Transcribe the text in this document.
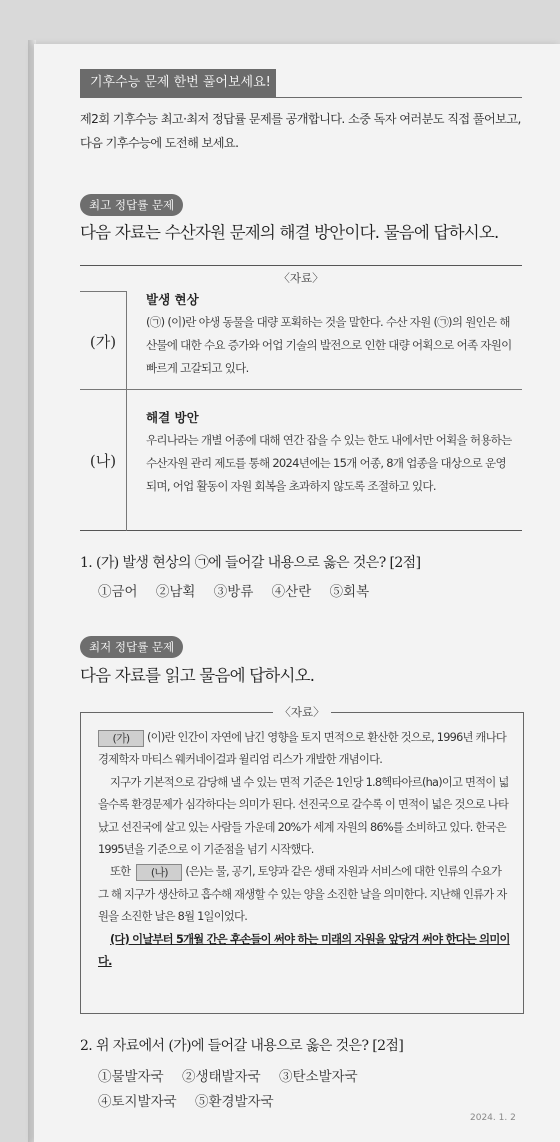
기후수능 문제 한번 풀어보세요!
제2회 기후수능 최고·최저 정답률 문제를 공개합니다. 소중 독자 여러분도 직접 풀어보고, 다음 기후수능에 도전해 보세요.
최고 정답률 문제
다음 자료는 수산자원 문제의 해결 방안이다. 물음에 답하시오.
〈자료〉
(가)
발생 현상
(㉠) (이)란 야생 동물을 대량 포획하는 것을 말한다. 수산 자원 (㉠)의 원인은 해산물에 대한 수요 증가와 어업 기술의 발전으로 인한 대량 어획으로 어족 자원이 빠르게 고갈되고 있다.
(나)
해결 방안
우리나라는 개별 어종에 대해 연간 잡을 수 있는 한도 내에서만 어획을 허용하는 수산자원 관리 제도를 통해 2024년에는 15개 어종, 8개 업종을 대상으로 운영되며, 어업 활동이 자원 회복을 초과하지 않도록 조절하고 있다.
1. (가) 발생 현상의 ㉠에 들어갈 내용으로 옳은 것은? [2점]
①금어 ②남획 ③방류 ④산란 ⑤회복
최저 정답률 문제
다음 자료를 읽고 물음에 답하시오.
〈자료〉
(가) (이)란 인간이 자연에 남긴 영향을 토지 면적으로 환산한 것으로, 1996년 캐나다 경제학자 마티스 웨커네이걸과 윌리엄 리스가 개발한 개념이다.
지구가 기본적으로 감당해 낼 수 있는 면적 기준은 1인당 1.8헥타아르(ha)이고 면적이 넓을수록 환경문제가 심각하다는 의미가 된다. 선진국으로 갈수록 이 면적이 넓은 것으로 나타났고 선진국에 살고 있는 사람들 가운데 20%가 세계 자원의 86%를 소비하고 있다. 한국은 1995년을 기준으로 이 기준점을 넘기 시작했다.
또한 (나) (은)는 물, 공기, 토양과 같은 생태 자원과 서비스에 대한 인류의 수요가 그 해 지구가 생산하고 흡수해 재생할 수 있는 양을 소진한 날을 의미한다. 지난해 인류가 자원을 소진한 날은 8월 1일이었다.
(다) 이날부터 5개월 간은 후손들이 써야 하는 미래의 자원을 앞당겨 써야 한다는 의미이다.
2. 위 자료에서 (가)에 들어갈 내용으로 옳은 것은? [2점]
①물발자국 ②생태발자국 ③탄소발자국
④토지발자국 ⑤환경발자국
2024. 1. 2
